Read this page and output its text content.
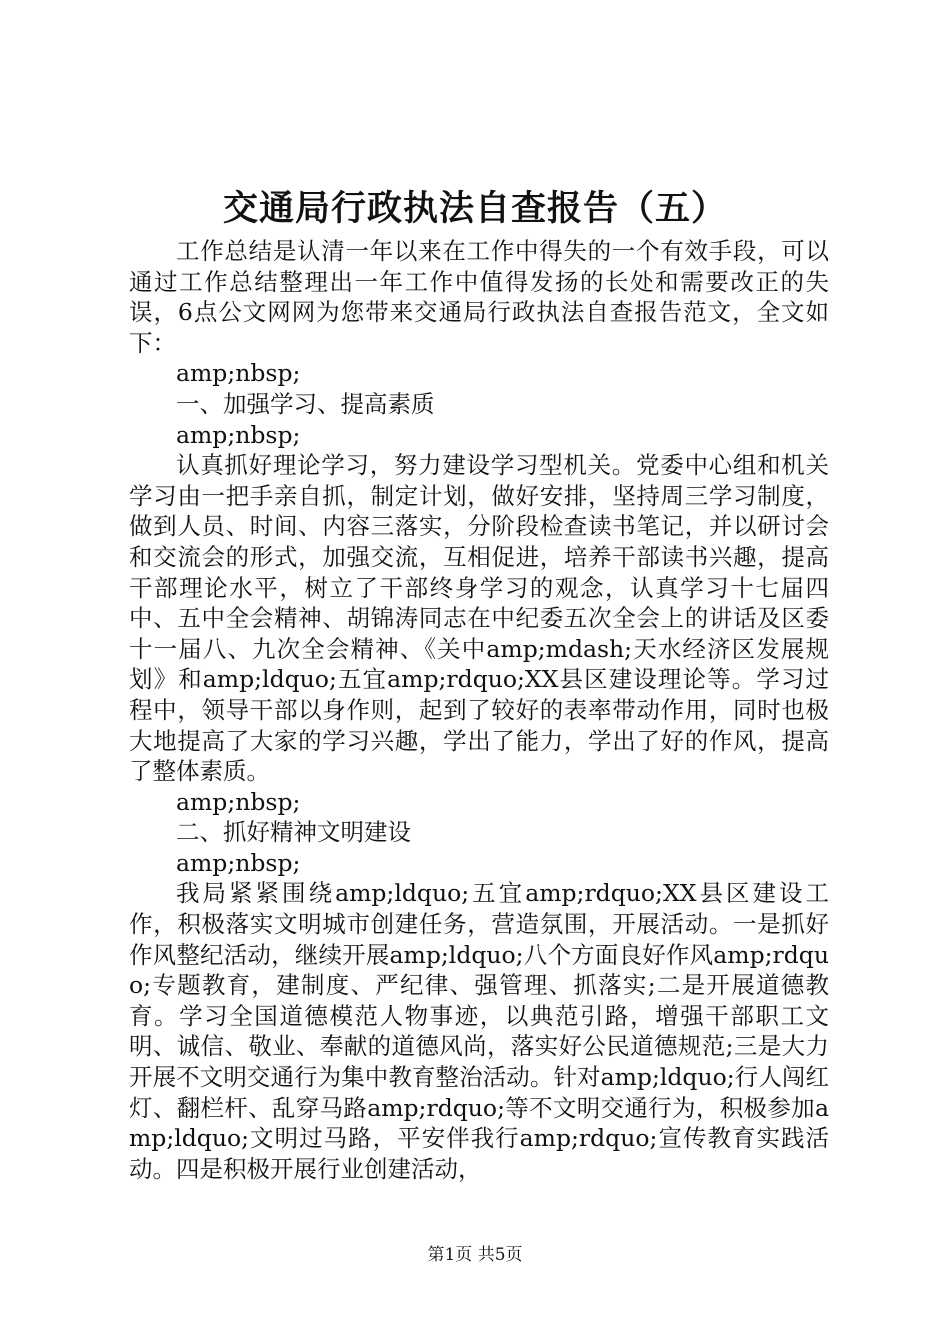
交通局行政执法自查报告（五）

工作总结是认清一年以来在工作中得失的一个有效手段，可以通过工作总结整理出一年工作中值得发扬的长处和需要改正的失误，6点公文网网为您带来交通局行政执法自查报告范文，全文如下：

amp;nbsp;

一、加强学习、提高素质

amp;nbsp;

认真抓好理论学习，努力建设学习型机关。党委中心组和机关学习由一把手亲自抓，制定计划，做好安排，坚持周三学习制度，做到人员、时间、内容三落实，分阶段检查读书笔记，并以研讨会和交流会的形式，加强交流，互相促进，培养干部读书兴趣，提高干部理论水平，树立了干部终身学习的观念，认真学习十七届四中、五中全会精神、胡锦涛同志在中纪委五次全会上的讲话及区委十一届八、九次全会精神、《关中amp;mdash;天水经济区发展规划》和amp;ldquo;五宜amp;rdquo;XX县区建设理论等。学习过程中，领导干部以身作则，起到了较好的表率带动作用，同时也极大地提高了大家的学习兴趣，学出了能力，学出了好的作风，提高了整体素质。

amp;nbsp;

二、抓好精神文明建设

amp;nbsp;

我局紧紧围绕amp;ldquo;五宜amp;rdquo;XX县区建设工作，积极落实文明城市创建任务，营造氛围，开展活动。一是抓好作风整纪活动，继续开展amp;ldquo;八个方面良好作风amp;rdquo;专题教育，建制度、严纪律、强管理、抓落实;二是开展道德教育。学习全国道德模范人物事迹，以典范引路，增强干部职工文明、诚信、敬业、奉献的道德风尚，落实好公民道德规范;三是大力开展不文明交通行为集中教育整治活动。针对amp;ldquo;行人闯红灯、翻栏杆、乱穿马路amp;rdquo;等不文明交通行为，积极参加amp;ldquo;文明过马路，平安伴我行amp;rdquo;宣传教育实践活动。四是积极开展行业创建活动，

第1页 共5页
